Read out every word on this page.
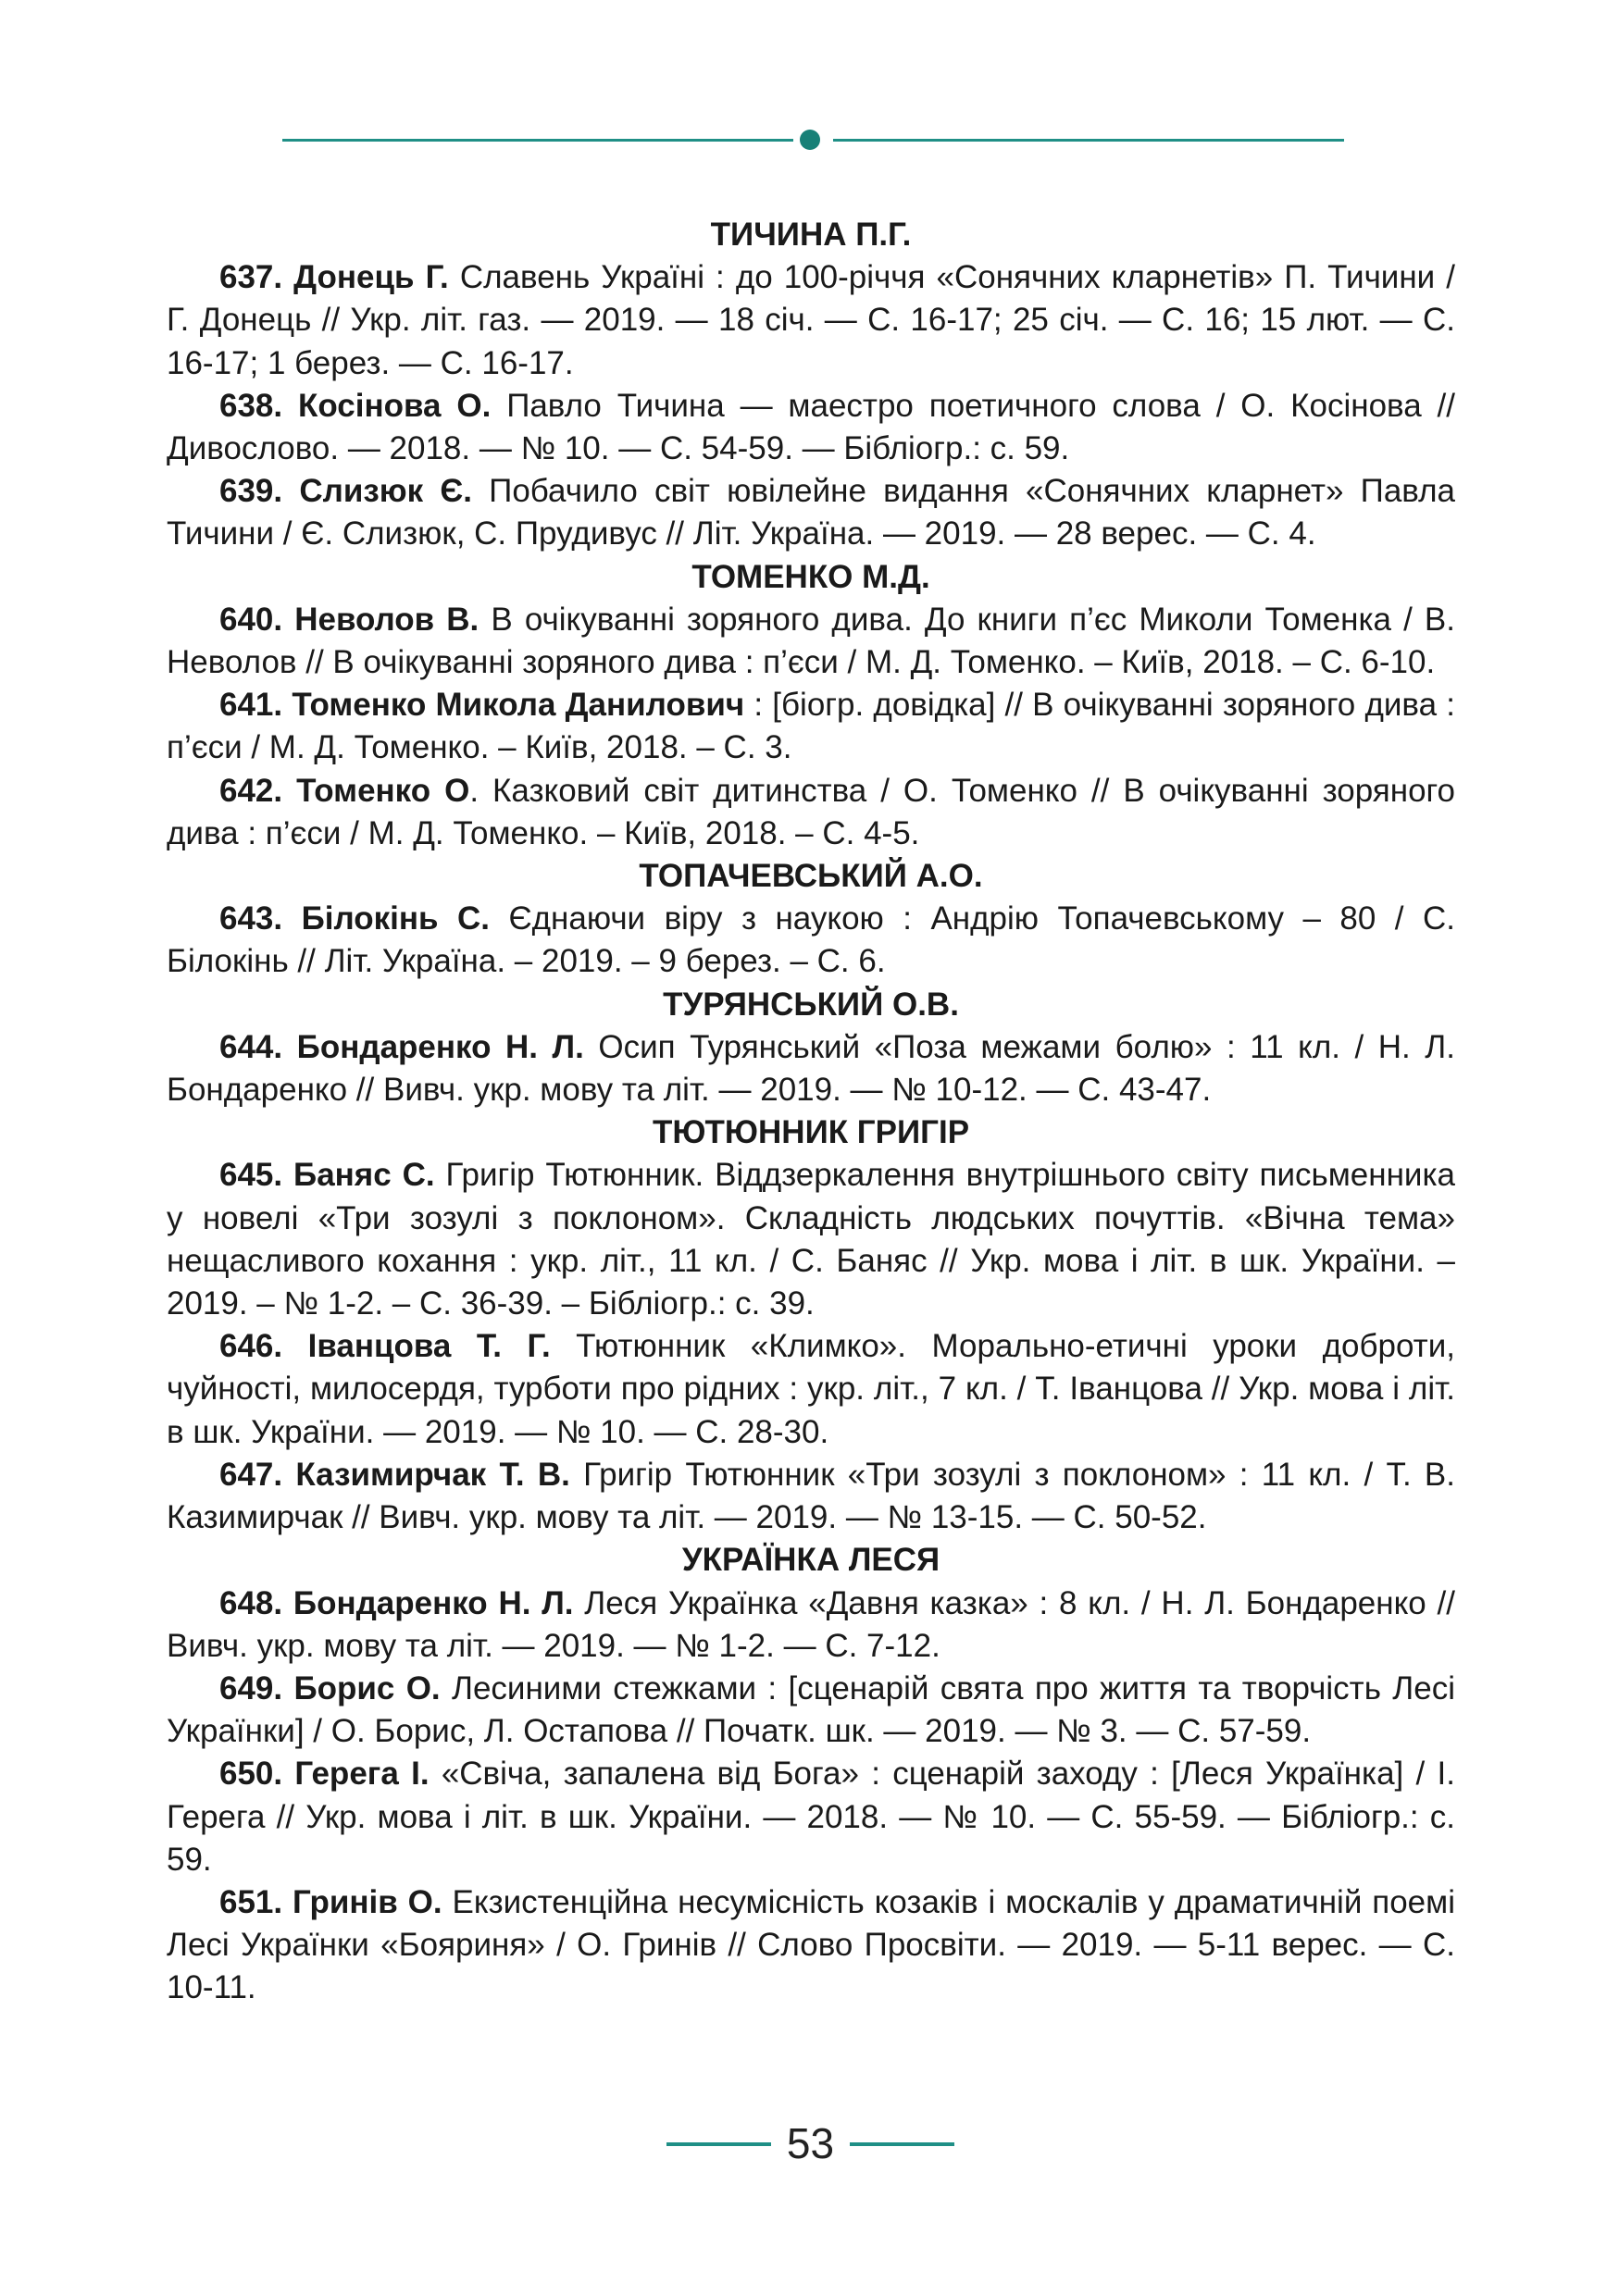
ТИЧИНА П.Г.

637. Донець Г. Славень Україні : до 100-річчя «Сонячних кларнетів» П. Тичини / Г. Донець // Укр. літ. газ. — 2019. — 18 січ. — С. 16-17; 25 січ. — С. 16; 15 лют. — С. 16-17; 1 берез. — С. 16-17.

638. Косінова О. Павло Тичина — маестро поетичного слова / О. Косінова // Дивослово. — 2018. — № 10. — С. 54-59. — Бібліогр.: с. 59.

639. Слизюк Є. Побачило світ ювілейне видання «Сонячних кларнет» Павла Тичини / Є. Слизюк, С. Прудивус // Літ. Україна. — 2019. — 28 верес. — С. 4.

ТОМЕНКО М.Д.

640. Неволов В. В очікуванні зоряного дива. До книги п’єс Миколи Томенка / В. Неволов // В очікуванні зоряного дива : п’єси / М. Д. Томенко. – Київ, 2018. – С. 6-10.

641. Томенко Микола Данилович : [біогр. довідка] // В очікуванні зоряного дива : п’єси / М. Д. Томенко. – Київ, 2018. – С. 3.

642. Томенко О. Казковий світ дитинства / О. Томенко // В очікуванні зоряного дива : п’єси / М. Д. Томенко. – Київ, 2018. – С. 4-5.

ТОПАЧЕВСЬКИЙ А.О.

643. Білокінь С. Єднаючи віру з наукою : Андрію Топачевському – 80 / С. Білокінь // Літ. Україна. – 2019. – 9 берез. – С. 6.

ТУРЯНСЬКИЙ О.В.

644. Бондаренко Н. Л. Осип Турянський «Поза межами болю» : 11 кл. / Н. Л. Бондаренко // Вивч. укр. мову та літ. — 2019. — № 10-12. — С. 43-47.

ТЮТЮННИК ГРИГІР

645. Баняс С. Григір Тютюнник. Віддзеркалення внутрішнього світу письменника у новелі «Три зозулі з поклоном». Складність людських почуттів. «Вічна тема» нещасливого кохання : укр. літ., 11 кл. / С. Баняс // Укр. мова і літ. в шк. України. – 2019. – № 1-2. – С. 36-39. – Бібліогр.: с. 39.

646. Іванцова Т. Г. Тютюнник «Климко». Морально-етичні уроки доброти, чуйності, милосердя, турботи про рідних : укр. літ., 7 кл. / Т. Іванцова // Укр. мова і літ. в шк. України. — 2019. — № 10. — С. 28-30.

647. Казимирчак Т. В. Григір Тютюнник «Три зозулі з поклоном» : 11 кл. / Т. В. Казимирчак // Вивч. укр. мову та літ. — 2019. — № 13-15. — С. 50-52.

УКРАЇНКА ЛЕСЯ

648. Бондаренко Н. Л. Леся Українка «Давня казка» : 8 кл. / Н. Л. Бондаренко // Вивч. укр. мову та літ. — 2019. — № 1-2. — С. 7-12.

649. Борис О. Лесиними стежками : [сценарій свята про життя та творчість Лесі Українки] / О. Борис, Л. Остапова // Початк. шк. — 2019. — № 3. — С. 57-59.

650. Герега І. «Свіча, запалена від Бога» : сценарій заходу : [Леся Українка] / І. Герега // Укр. мова і літ. в шк. України. — 2018. — № 10. — С. 55-59. — Бібліогр.: с. 59.

651. Гринів О. Екзистенційна несумісність козаків і москалів у драматичній поемі Лесі Українки «Бояриня» / О. Гринів // Слово Просвіти. — 2019. — 5-11 верес. — С. 10-11.

53
